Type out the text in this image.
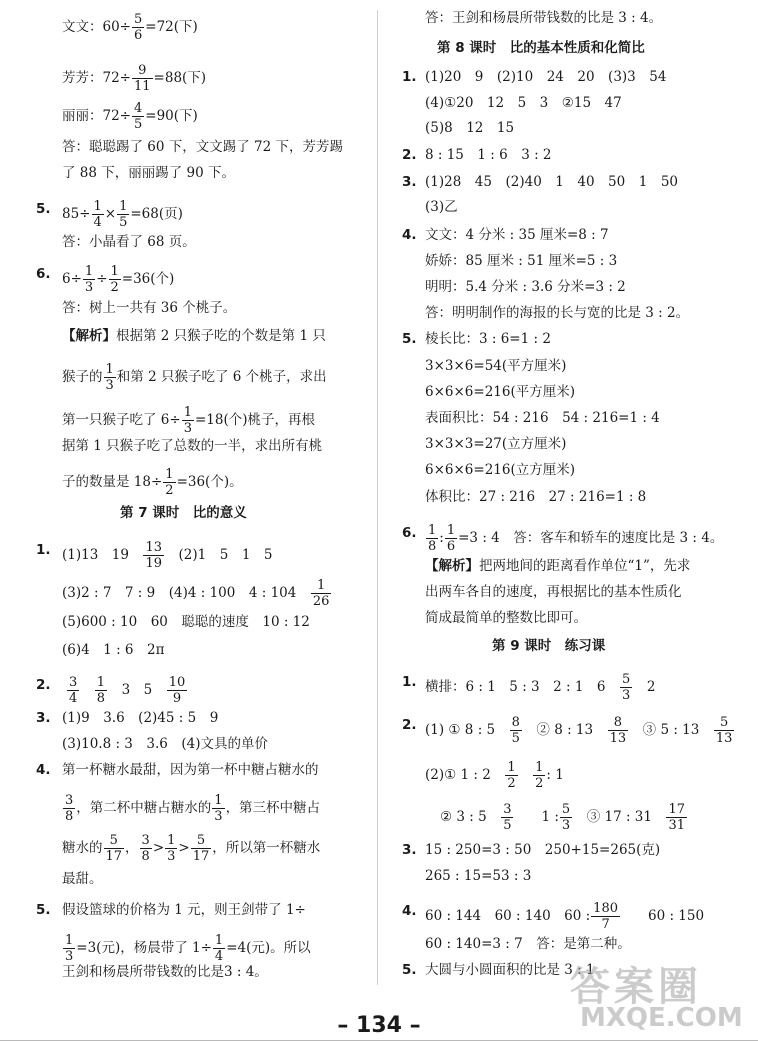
文文：$60\div \frac{5}{6} =72$(下)
芳芳：$72\div \frac{9}{11} =88$(下)
丽丽：$72\div \frac{4}{5} =90$(下)
答：聪聪踢了 60 下，文文踢了 72 下，芳芳踢
了 88 下，丽丽踢了 90 下。
5. $85\div \frac{1}{4} \times \frac{1}{5} =68$(页)
答：小晶看了 68 页。
6. $6\div \frac{1}{3} \div \frac{1}{2} =36$(个)
答：树上一共有 36 个桃子。
【解析】根据第 2 只猴子吃的个数是第 1 只
猴子的 $\frac{1}{3}$ 和第 2 只猴子吃了 6 个桃子，求出
第一只猴子吃了 $6\div \frac{1}{3} =18$(个)桃子，再根
据第 1 只猴子吃了总数的一半，求出所有桃
子的数量是 $18\div \frac{1}{2} =36$(个)。
第 7 课时　比的意义
1. (1)13　19　 $\frac{13}{19}$
　 (2)1　5　1　5
(3)2 : 7　7 : 9　(4)4 : 100　4 : 104　 $\frac{1}{26}$
(5)600 : 10　60　聪聪的速度　10 : 12
(6)4　1 : 6　2π
2. $\frac{3}{4}$
　 $\frac{1}{8}$
　 3　5　 $\frac{10}{9}$
3. (1)9　3.6　(2)45 : 5　9
(3)10.8 : 3　3.6　(4)文具的单价
4. 第一杯糖水最甜，因为第一杯中糖占糖水的
$\frac{3}{8}$ ，第二杯中糖占糖水的 $\frac{1}{3}$ ，第三杯中糖占
糖水的 $\frac{5}{17}$ ， $\frac{3}{8} > \frac{1}{3} > \frac{5}{17}$ ，所以第一杯糖水
最甜。
5. 假设篮球的价格为 1 元，则王剑带了 1÷
$\frac{1}{3} =3$(元)，杨晨带了 $1\div \frac{1}{4} =4$(元)。所以
王剑和杨晨所带钱数的比是3 : 4。
答：王剑和杨晨所带钱数的比是 3 : 4。
第 8 课时　比的基本性质和化简比
1. (1)20　9　(2)10　24　20　(3)3　54
(4)①20　12　5　3　②15　47
(5)8　12　15
2. 8 : 15　1 : 6　3 : 2
3. (1)28　45　(2)40　1　40　50　1　50
(3)乙
4. 文文：4 分米 : 35 厘米=8 : 7
娇娇：85 厘米 : 51 厘米=5 : 3
明明：5.4 分米 : 3.6 分米=3 : 2
答：明明制作的海报的长与宽的比是 3 : 2。
5. 棱长比：3 : 6=1 : 2
3×3×6=54(平方厘米)
6×6×6=216(平方厘米)
表面积比：54 : 216　54 : 216=1 : 4
3×3×3=27(立方厘米)
6×6×6=216(立方厘米)
体积比：27 : 216　27 : 216=1 : 8
6. $\frac{1}{8}$ : $\frac{1}{6} =3$ : 4　答：客车和轿车的速度比是 3 : 4。
【解析】把两地间的距离看作单位“1”，先求
出两车各自的速度，再根据比的基本性质化
简成最简单的整数比即可。
第 9 课时　练习课
1. 横排：6 : 1　5 : 3　2 : 1　6　 $\frac{5}{3}$
　 2
2. (1) ① 8 : 5　 $\frac{8}{5}$
　 ② 8 : 13　 $\frac{8}{13}$
　 ③ 5 : 13　 $\frac{5}{13}$
(2)① 1 : 2　 $\frac{1}{2}$
　 $\frac{1}{2}$ : 1
② 3 : 5　 $\frac{3}{5}$
　　 1 : $\frac{5}{3}$
　 ③ 17 : 31　 $\frac{17}{31}$
3. 15 : 250=3 : 50　250+15=265(克)
265 : 15=53 : 3
4. 60 : 144　60 : 140　60 : $\frac{180}{7}$
　　 60 : 150
60 : 140=3 : 7　答：是第二种。
5. 大圆与小圆面积的比是 3 : 1
答案圈
MXQE.COM
– 134 –
